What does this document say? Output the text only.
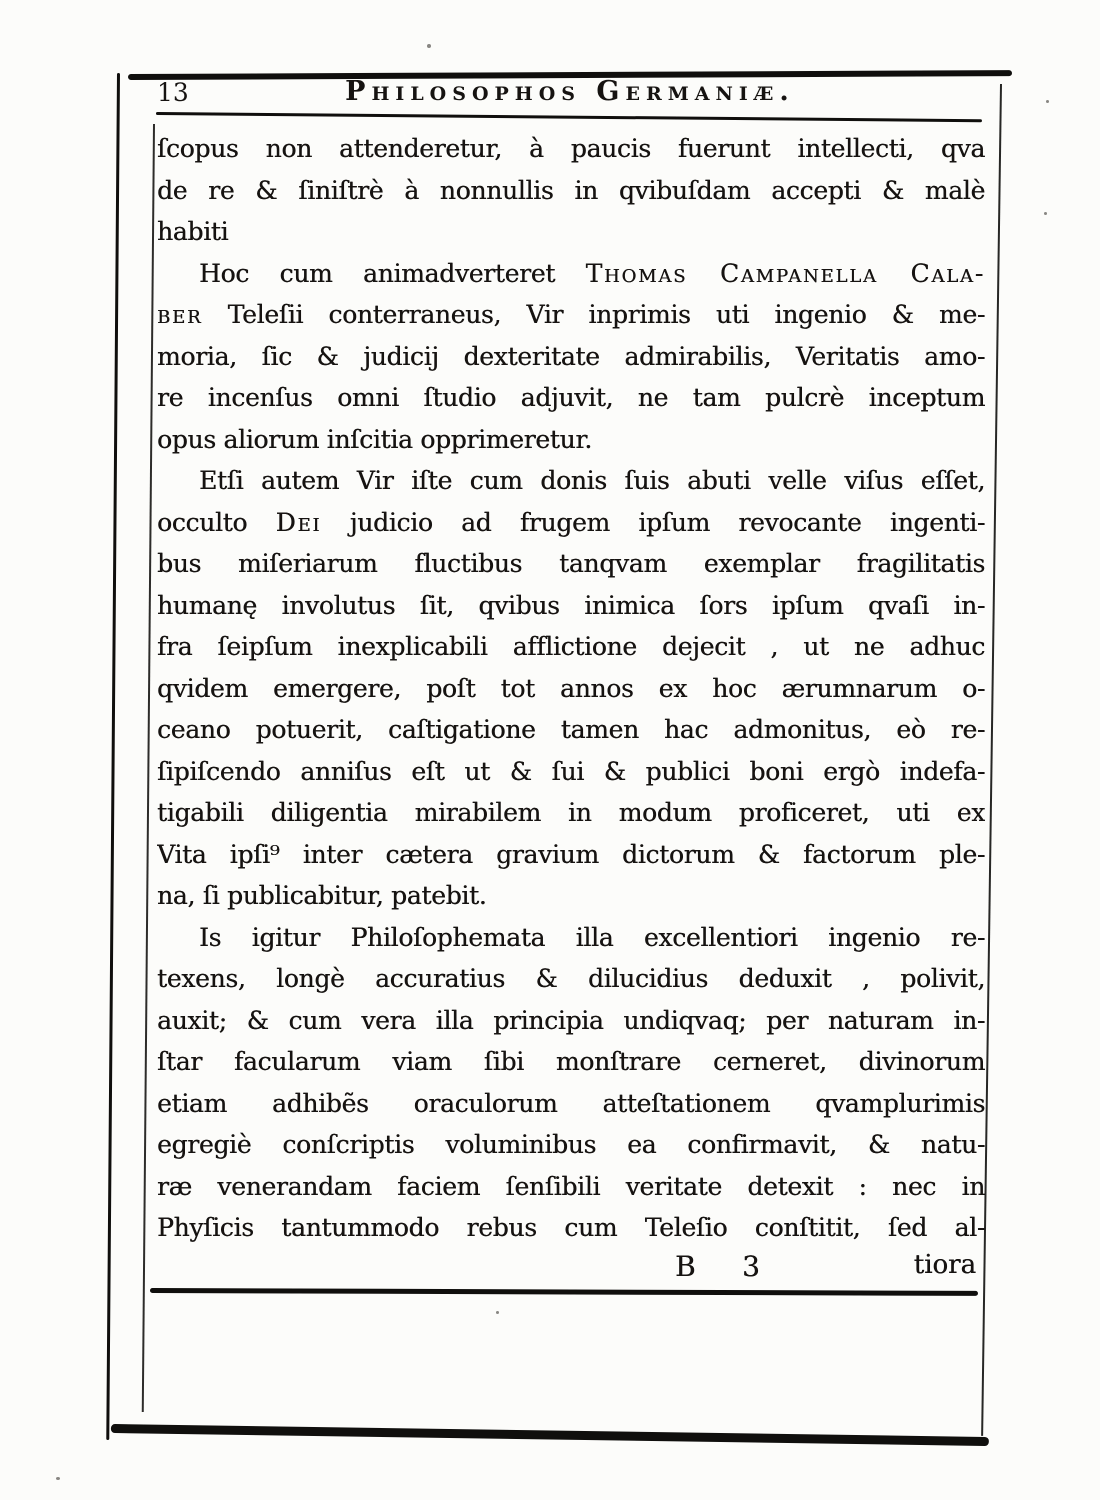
13	Philosophos Germaniæ.
ſcopus non attenderetur, à paucis fuerunt intellecti, qva
de re & ſiniſtrè à nonnullis in qvibuſdam accepti & malè
habiti
Hoc cum animadverteret Thomas Campanella Cala-
ber Teleſii conterraneus, Vir inprimis uti ingenio & me-
moria, ſic & judicij dexteritate admirabilis, Veritatis amo-
re incenſus omni ſtudio adjuvit, ne tam pulcrè inceptum
opus aliorum inſcitia opprimeretur.
Etſi autem Vir iſte cum donis ſuis abuti velle viſus eſſet,
occulto Dei judicio ad frugem ipſum revocante ingenti-
bus miſeriarum fluctibus tanqvam exemplar fragilitatis
humanę involutus ſit, qvibus inimica ſors ipſum qvaſi in-
fra ſeipſum inexplicabili afflictione dejecit , ut ne adhuc
qvidem emergere, poſt tot annos ex hoc ærumnarum o-
ceano potuerit, caſtigatione tamen hac admonitus, eò re-
ſipiſcendo anniſus eſt ut & ſui & publici boni ergò indefa-
tigabili diligentia mirabilem in modum proficeret, uti ex
Vita ipſi⁹ inter cætera gravium dictorum & factorum ple-
na, ſi publicabitur, patebit.
Is igitur Philoſophemata illa excellentiori ingenio re-
texens, longè accuratius & dilucidius deduxit , polivit,
auxit; & cum vera illa principia undiqvaq; per naturam in-
ſtar facularum viam ſibi monſtrare cerneret, divinorum
etiam adhibẽs oraculorum atteſtationem qvamplurimis
egregiè conſcriptis voluminibus ea confirmavit, & natu-
ræ venerandam faciem ſenſibili veritate detexit : nec in
Phyſicis tantummodo rebus cum Teleſio conſtitit, ſed al-
B 3	tiora
